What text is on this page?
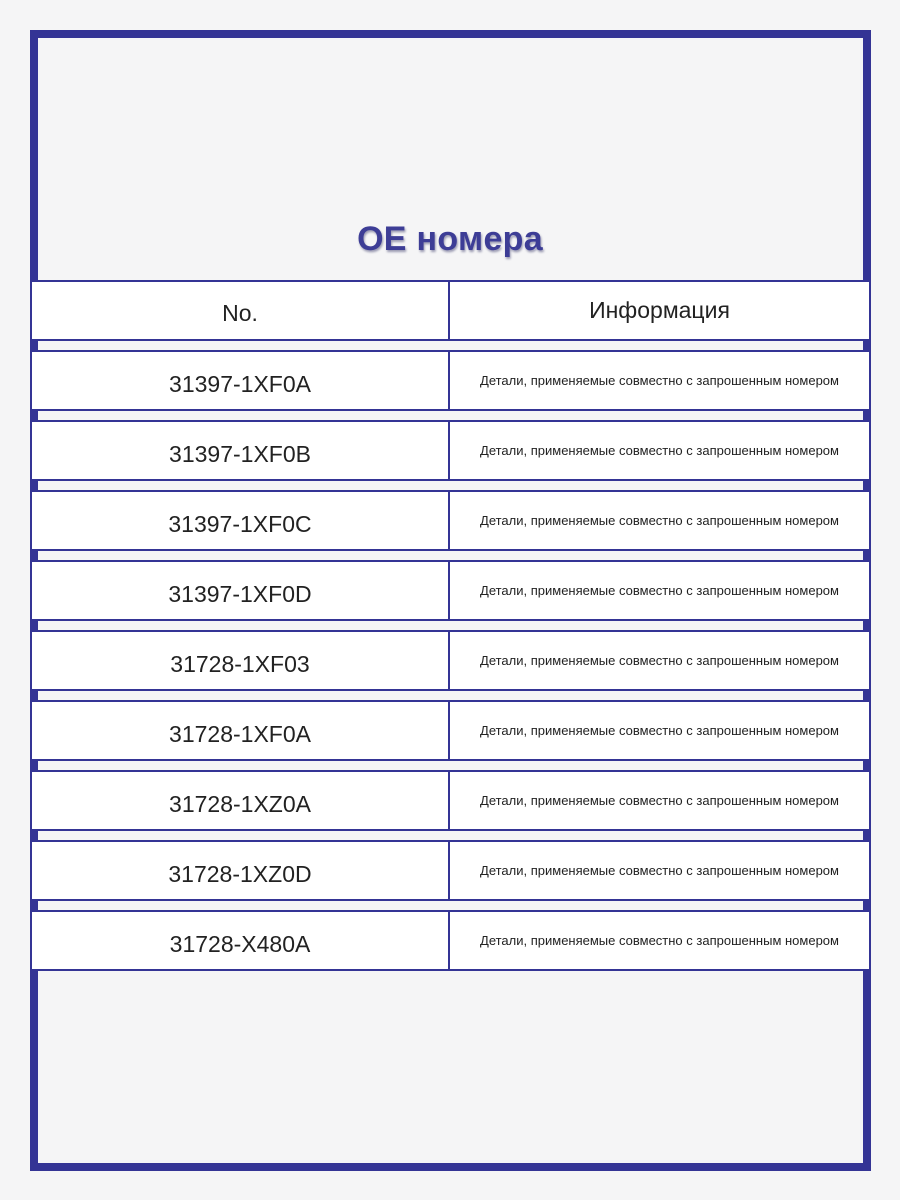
OE номера
No.	Информация
31397-1XF0A	Детали, применяемые совместно с запрошенным номером
31397-1XF0B	Детали, применяемые совместно с запрошенным номером
31397-1XF0C	Детали, применяемые совместно с запрошенным номером
31397-1XF0D	Детали, применяемые совместно с запрошенным номером
31728-1XF03	Детали, применяемые совместно с запрошенным номером
31728-1XF0A	Детали, применяемые совместно с запрошенным номером
31728-1XZ0A	Детали, применяемые совместно с запрошенным номером
31728-1XZ0D	Детали, применяемые совместно с запрошенным номером
31728-X480A	Детали, применяемые совместно с запрошенным номером
